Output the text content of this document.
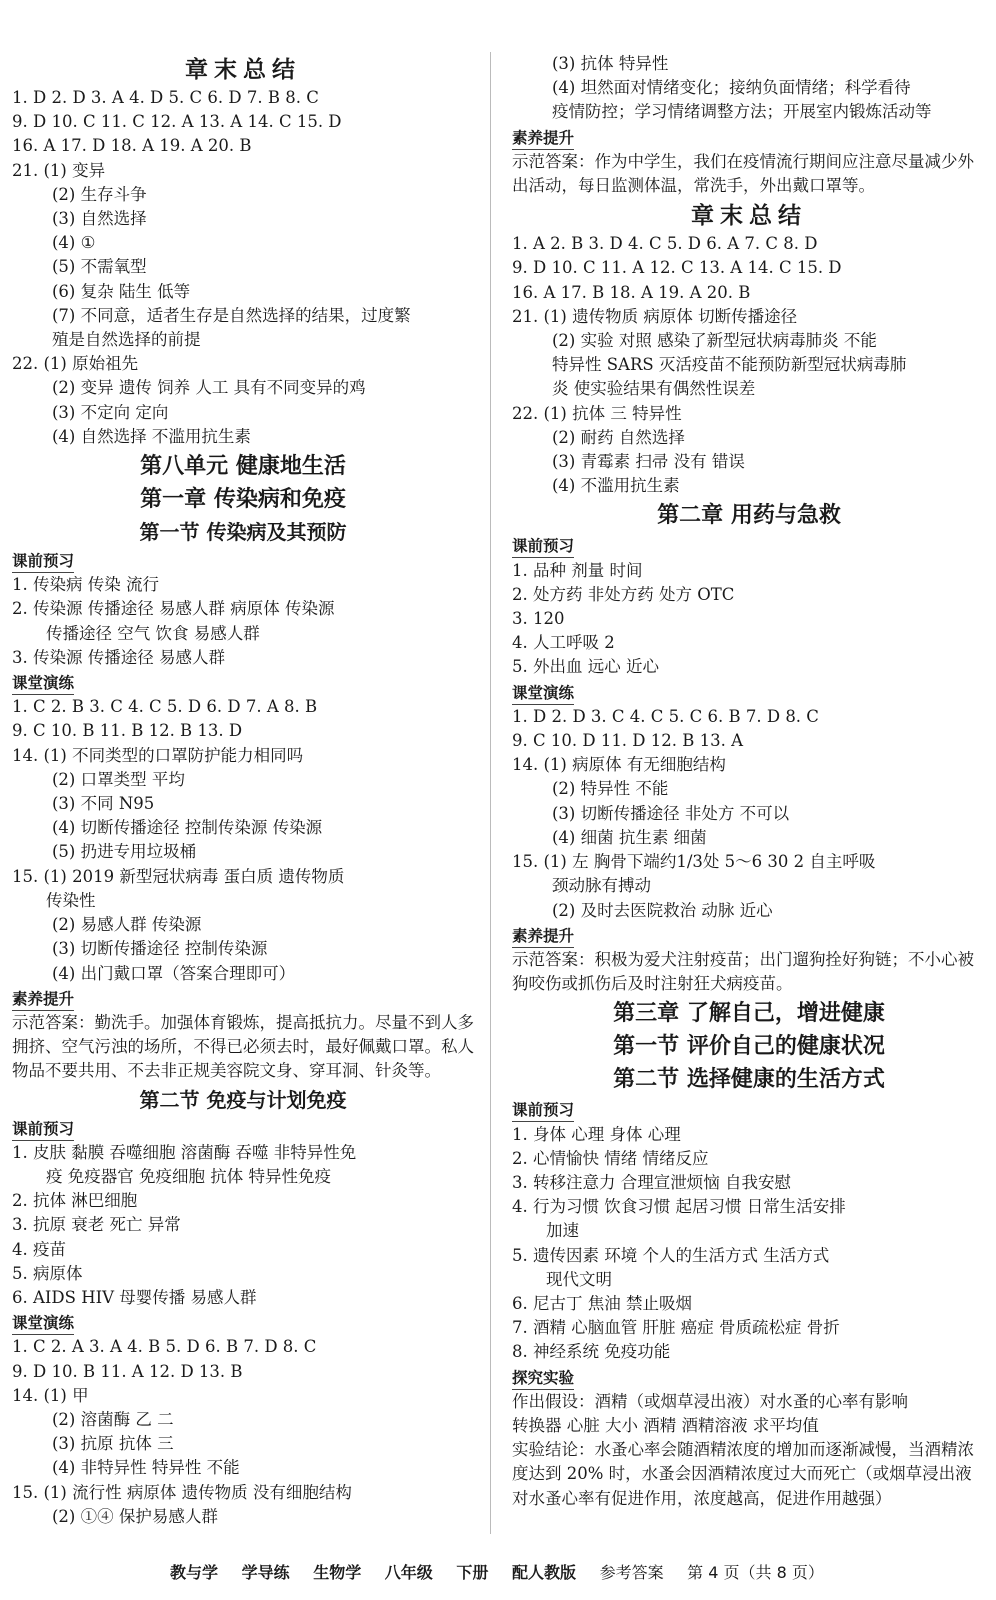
章末总结
1. D 2. D 3. A 4. D 5. C 6. D 7. B 8. C
9. D 10. C 11. C 12. A 13. A 14. C 15. D
16. A 17. D 18. A 19. A 20. B
21. (1) 变异
(2) 生存斗争
(3) 自然选择
(4) ①
(5) 不需氧型
(6) 复杂 陆生 低等
(7) 不同意，适者生存是自然选择的结果，过度繁
殖是自然选择的前提
22. (1) 原始祖先
(2) 变异 遗传 饲养 人工 具有不同变异的鸡
(3) 不定向 定向
(4) 自然选择 不滥用抗生素
第八单元 健康地生活
第一章 传染病和免疫
第一节 传染病及其预防
课前预习
1. 传染病 传染 流行
2. 传染源 传播途径 易感人群 病原体 传染源
传播途径 空气 饮食 易感人群
3. 传染源 传播途径 易感人群
课堂演练
1. C 2. B 3. C 4. C 5. D 6. D 7. A 8. B
9. C 10. B 11. B 12. B 13. D
14. (1) 不同类型的口罩防护能力相同吗
(2) 口罩类型 平均
(3) 不同 N95
(4) 切断传播途径 控制传染源 传染源
(5) 扔进专用垃圾桶
15. (1) 2019 新型冠状病毒 蛋白质 遗传物质
传染性
(2) 易感人群 传染源
(3) 切断传播途径 控制传染源
(4) 出门戴口罩（答案合理即可）
素养提升
示范答案：勤洗手。加强体育锻炼，提高抵抗力。尽量不到人多拥挤、空气污浊的场所，不得已必须去时，最好佩戴口罩。私人物品不要共用、不去非正规美容院文身、穿耳洞、针灸等。
第二节 免疫与计划免疫
课前预习
1. 皮肤 黏膜 吞噬细胞 溶菌酶 吞噬 非特异性免
疫 免疫器官 免疫细胞 抗体 特异性免疫
2. 抗体 淋巴细胞
3. 抗原 衰老 死亡 异常
4. 疫苗
5. 病原体
6. AIDS HIV 母婴传播 易感人群
课堂演练
1. C 2. A 3. A 4. B 5. D 6. B 7. D 8. C
9. D 10. B 11. A 12. D 13. B
14. (1) 甲
(2) 溶菌酶 乙 二
(3) 抗原 抗体 三
(4) 非特异性 特异性 不能
15. (1) 流行性 病原体 遗传物质 没有细胞结构
(2) ①④ 保护易感人群
(3) 抗体 特异性
(4) 坦然面对情绪变化；接纳负面情绪；科学看待
疫情防控；学习情绪调整方法；开展室内锻炼活动等
素养提升
示范答案：作为中学生，我们在疫情流行期间应注意尽量减少外出活动，每日监测体温，常洗手，外出戴口罩等。
章末总结
1. A 2. B 3. D 4. C 5. D 6. A 7. C 8. D
9. D 10. C 11. A 12. C 13. A 14. C 15. D
16. A 17. B 18. A 19. A 20. B
21. (1) 遗传物质 病原体 切断传播途径
(2) 实验 对照 感染了新型冠状病毒肺炎 不能
特异性 SARS 灭活疫苗不能预防新型冠状病毒肺
炎 使实验结果有偶然性误差
22. (1) 抗体 三 特异性
(2) 耐药 自然选择
(3) 青霉素 扫帚 没有 错误
(4) 不滥用抗生素
第二章 用药与急救
课前预习
1. 品种 剂量 时间
2. 处方药 非处方药 处方 OTC
3. 120
4. 人工呼吸 2
5. 外出血 远心 近心
课堂演练
1. D 2. D 3. C 4. C 5. C 6. B 7. D 8. C
9. C 10. D 11. D 12. B 13. A
14. (1) 病原体 有无细胞结构
(2) 特异性 不能
(3) 切断传播途径 非处方 不可以
(4) 细菌 抗生素 细菌
15. (1) 左 胸骨下端约1/3处 5～6 30 2 自主呼吸
颈动脉有搏动
(2) 及时去医院救治 动脉 近心
素养提升
示范答案：积极为爱犬注射疫苗；出门遛狗拴好狗链；不小心被狗咬伤或抓伤后及时注射狂犬病疫苗。
第三章 了解自己，增进健康
第一节 评价自己的健康状况
第二节 选择健康的生活方式
课前预习
1. 身体 心理 身体 心理
2. 心情愉快 情绪 情绪反应
3. 转移注意力 合理宣泄烦恼 自我安慰
4. 行为习惯 饮食习惯 起居习惯 日常生活安排
加速
5. 遗传因素 环境 个人的生活方式 生活方式
现代文明
6. 尼古丁 焦油 禁止吸烟
7. 酒精 心脑血管 肝脏 癌症 骨质疏松症 骨折
8. 神经系统 免疫功能
探究实验
作出假设：酒精（或烟草浸出液）对水蚤的心率有影响
转换器 心脏 大小 酒精 酒精溶液 求平均值
实验结论：水蚤心率会随酒精浓度的增加而逐渐减慢，当酒精浓度达到 20% 时，水蚤会因酒精浓度过大而死亡（或烟草浸出液对水蚤心率有促进作用，浓度越高，促进作用越强）
教与学 学导练 生物学 八年级 下册 配人教版 参考答案 第 4 页（共 8 页）
